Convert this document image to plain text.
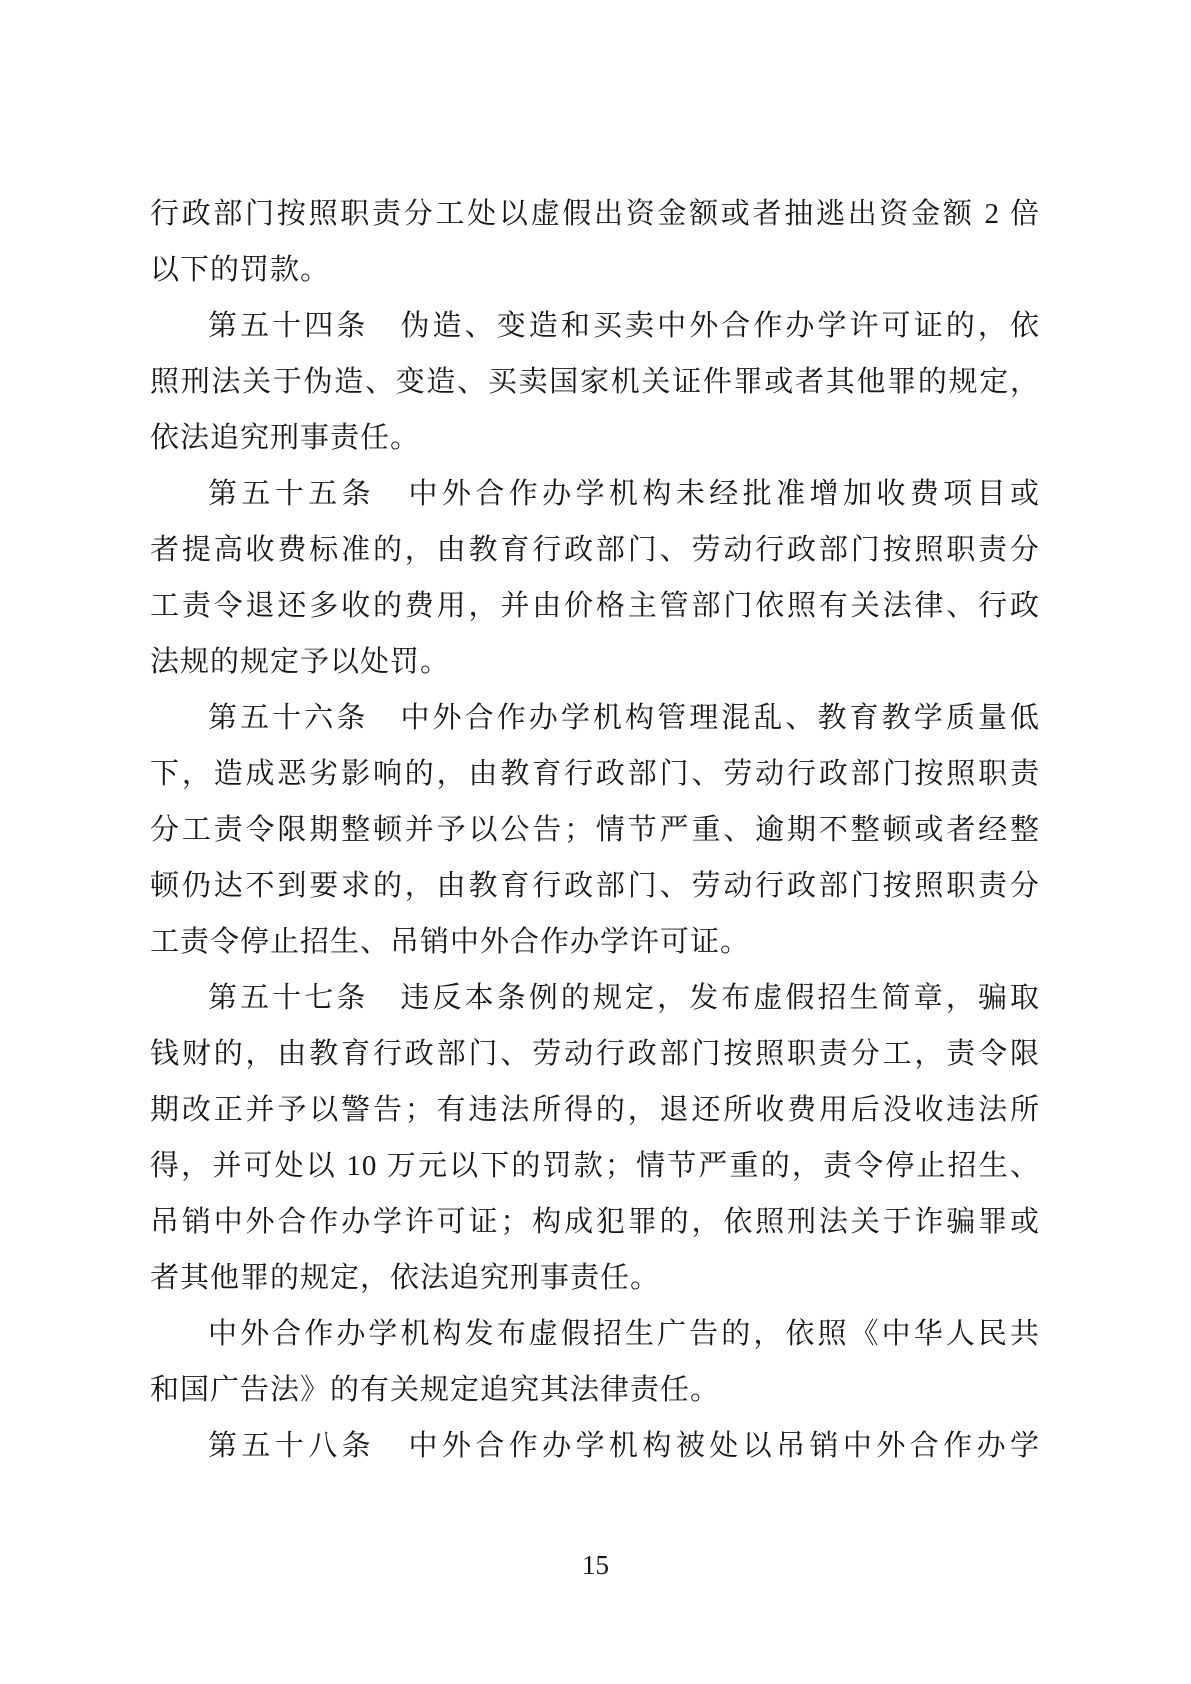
行政部门按照职责分工处以虚假出资金额或者抽逃出资金额 2 倍
以下的罚款。
第五十四条　伪造、变造和买卖中外合作办学许可证的，依
照刑法关于伪造、变造、买卖国家机关证件罪或者其他罪的规定，
依法追究刑事责任。
第五十五条　中外合作办学机构未经批准增加收费项目或
者提高收费标准的，由教育行政部门、劳动行政部门按照职责分
工责令退还多收的费用，并由价格主管部门依照有关法律、行政
法规的规定予以处罚。
第五十六条　中外合作办学机构管理混乱、教育教学质量低
下，造成恶劣影响的，由教育行政部门、劳动行政部门按照职责
分工责令限期整顿并予以公告；情节严重、逾期不整顿或者经整
顿仍达不到要求的，由教育行政部门、劳动行政部门按照职责分
工责令停止招生、吊销中外合作办学许可证。
第五十七条　违反本条例的规定，发布虚假招生简章，骗取
钱财的，由教育行政部门、劳动行政部门按照职责分工，责令限
期改正并予以警告；有违法所得的，退还所收费用后没收违法所
得，并可处以 10 万元以下的罚款；情节严重的，责令停止招生、
吊销中外合作办学许可证；构成犯罪的，依照刑法关于诈骗罪或
者其他罪的规定，依法追究刑事责任。
中外合作办学机构发布虚假招生广告的，依照《中华人民共
和国广告法》的有关规定追究其法律责任。
第五十八条　中外合作办学机构被处以吊销中外合作办学
15
